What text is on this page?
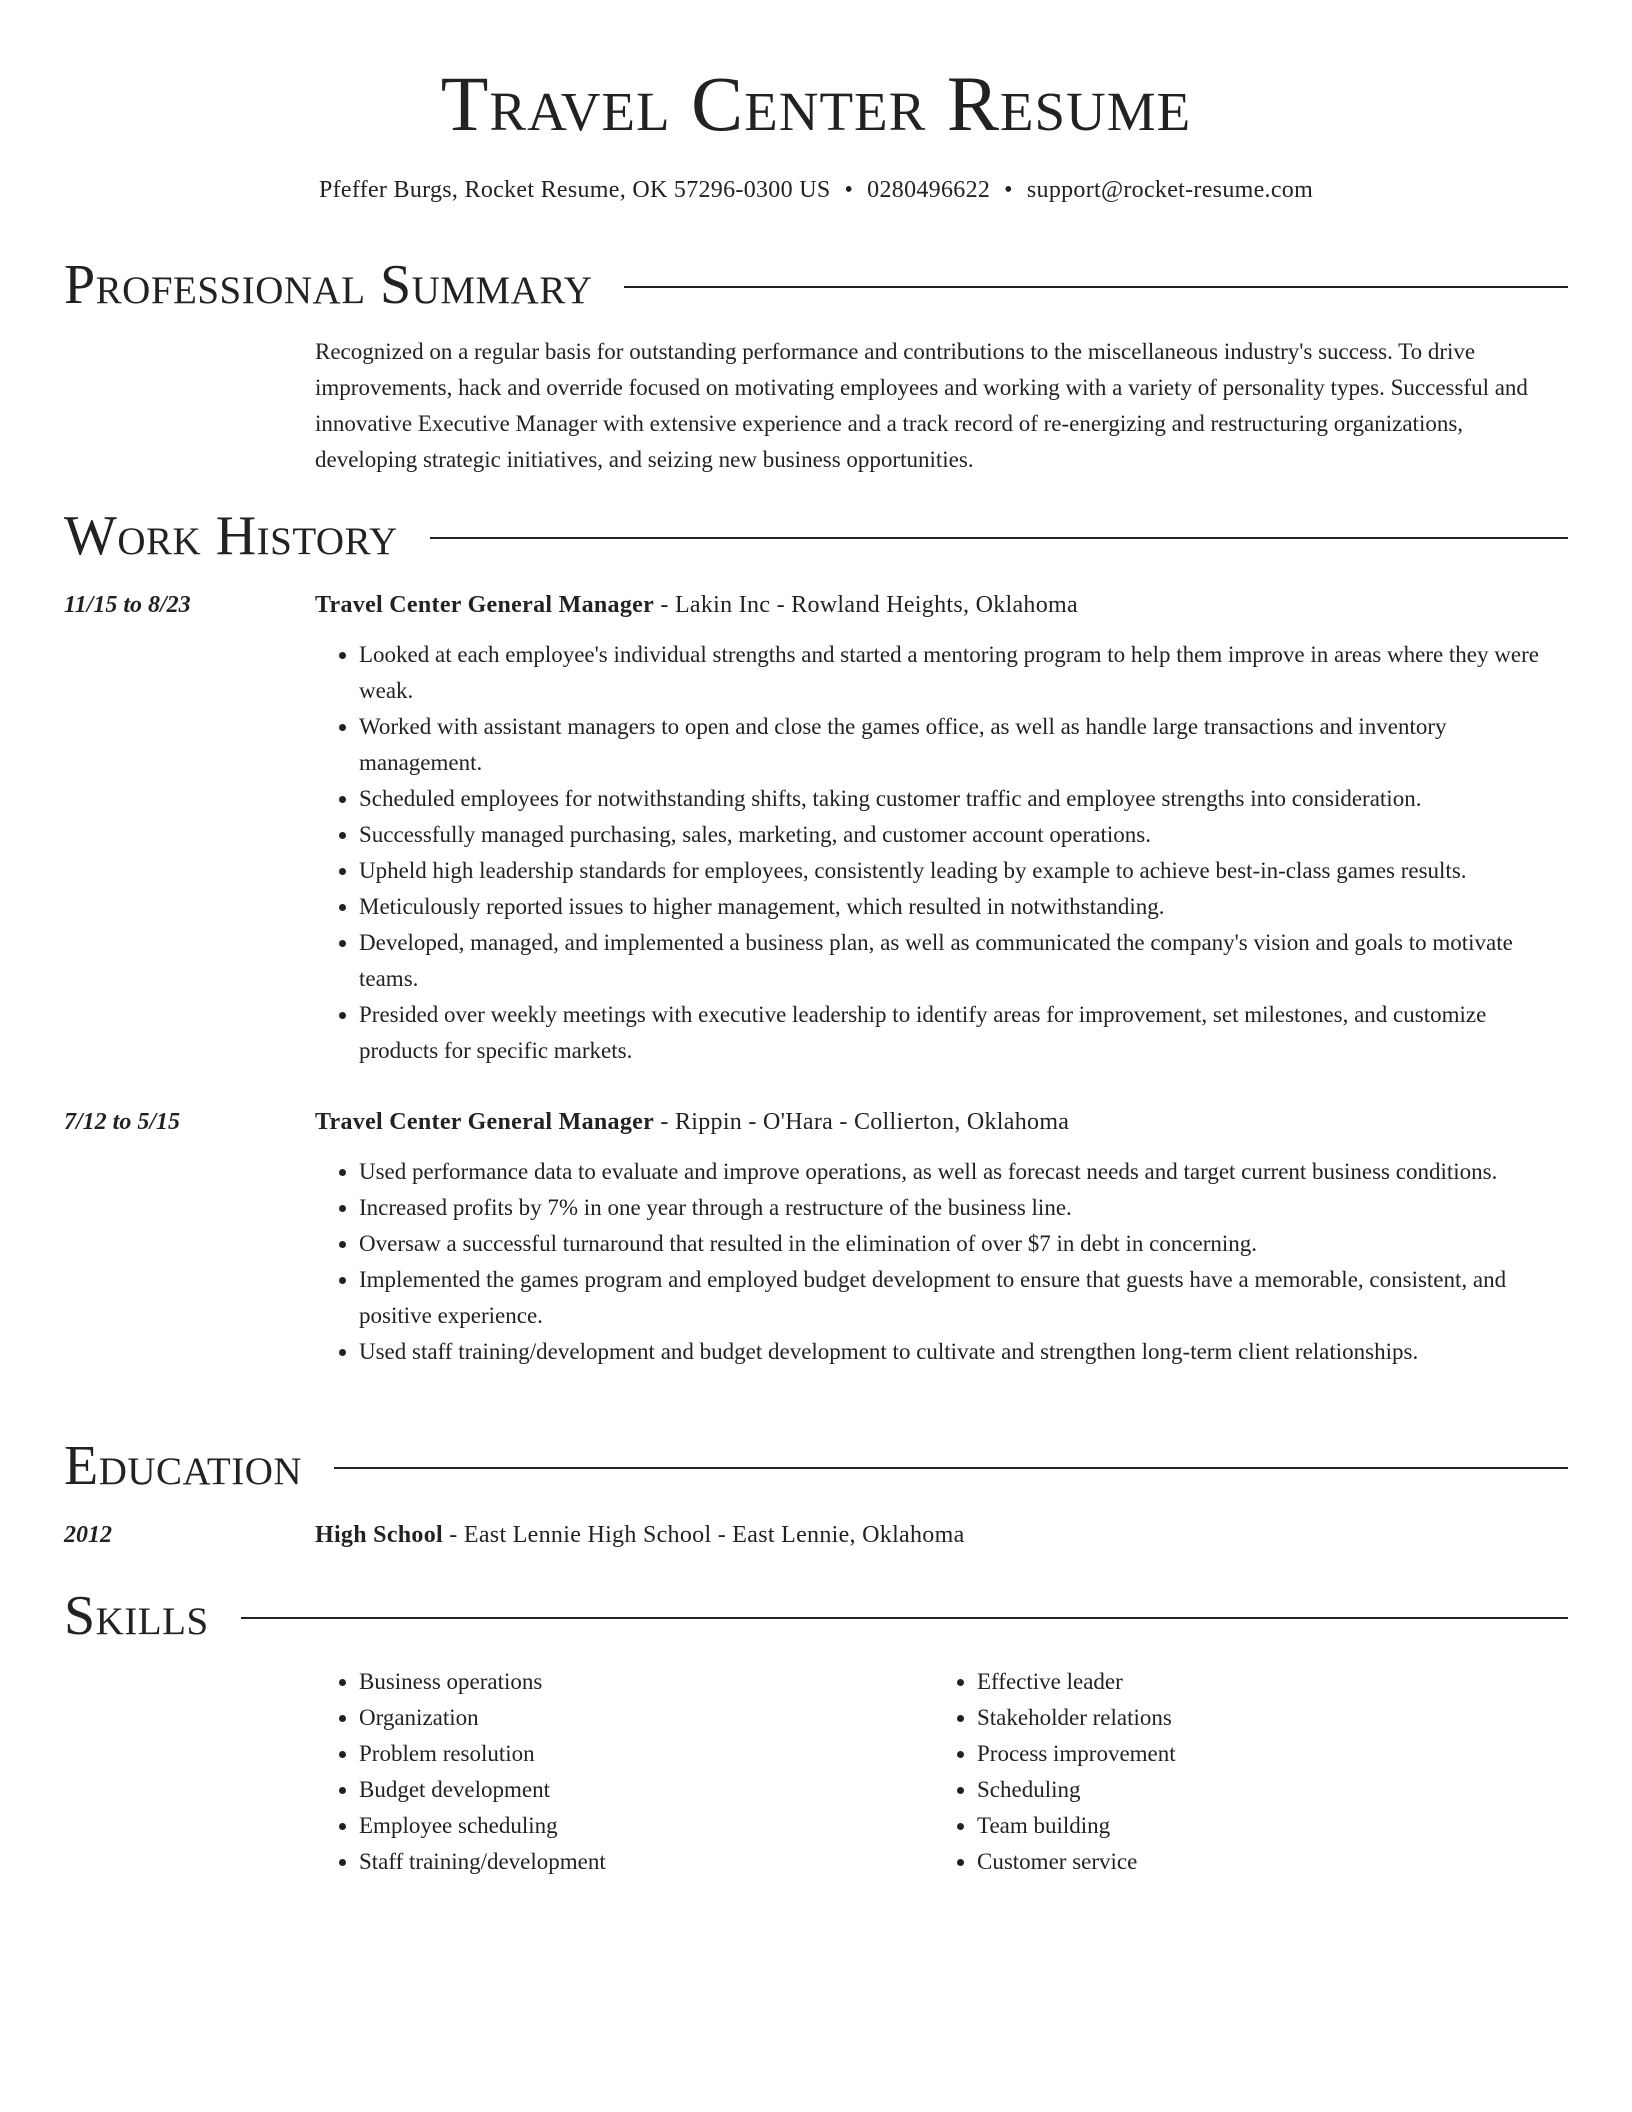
Travel Center Resume
Pfeffer Burgs, Rocket Resume, OK 57296-0300 US • 0280496622 • support@rocket-resume.com
Professional Summary
Recognized on a regular basis for outstanding performance and contributions to the miscellaneous industry's success. To drive improvements, hack and override focused on motivating employees and working with a variety of personality types. Successful and innovative Executive Manager with extensive experience and a track record of re-energizing and restructuring organizations, developing strategic initiatives, and seizing new business opportunities.
Work History
11/15 to 8/23	Travel Center General Manager - Lakin Inc - Rowland Heights, Oklahoma
• Looked at each employee's individual strengths and started a mentoring program to help them improve in areas where they were weak.
• Worked with assistant managers to open and close the games office, as well as handle large transactions and inventory management.
• Scheduled employees for notwithstanding shifts, taking customer traffic and employee strengths into consideration.
• Successfully managed purchasing, sales, marketing, and customer account operations.
• Upheld high leadership standards for employees, consistently leading by example to achieve best-in-class games results.
• Meticulously reported issues to higher management, which resulted in notwithstanding.
• Developed, managed, and implemented a business plan, as well as communicated the company's vision and goals to motivate teams.
• Presided over weekly meetings with executive leadership to identify areas for improvement, set milestones, and customize products for specific markets.
7/12 to 5/15	Travel Center General Manager - Rippin - O'Hara - Collierton, Oklahoma
• Used performance data to evaluate and improve operations, as well as forecast needs and target current business conditions.
• Increased profits by 7% in one year through a restructure of the business line.
• Oversaw a successful turnaround that resulted in the elimination of over $7 in debt in concerning.
• Implemented the games program and employed budget development to ensure that guests have a memorable, consistent, and positive experience.
• Used staff training/development and budget development to cultivate and strengthen long-term client relationships.
Education
2012	High School - East Lennie High School - East Lennie, Oklahoma
Skills
• Business operations
• Organization
• Problem resolution
• Budget development
• Employee scheduling
• Staff training/development
• Effective leader
• Stakeholder relations
• Process improvement
• Scheduling
• Team building
• Customer service
